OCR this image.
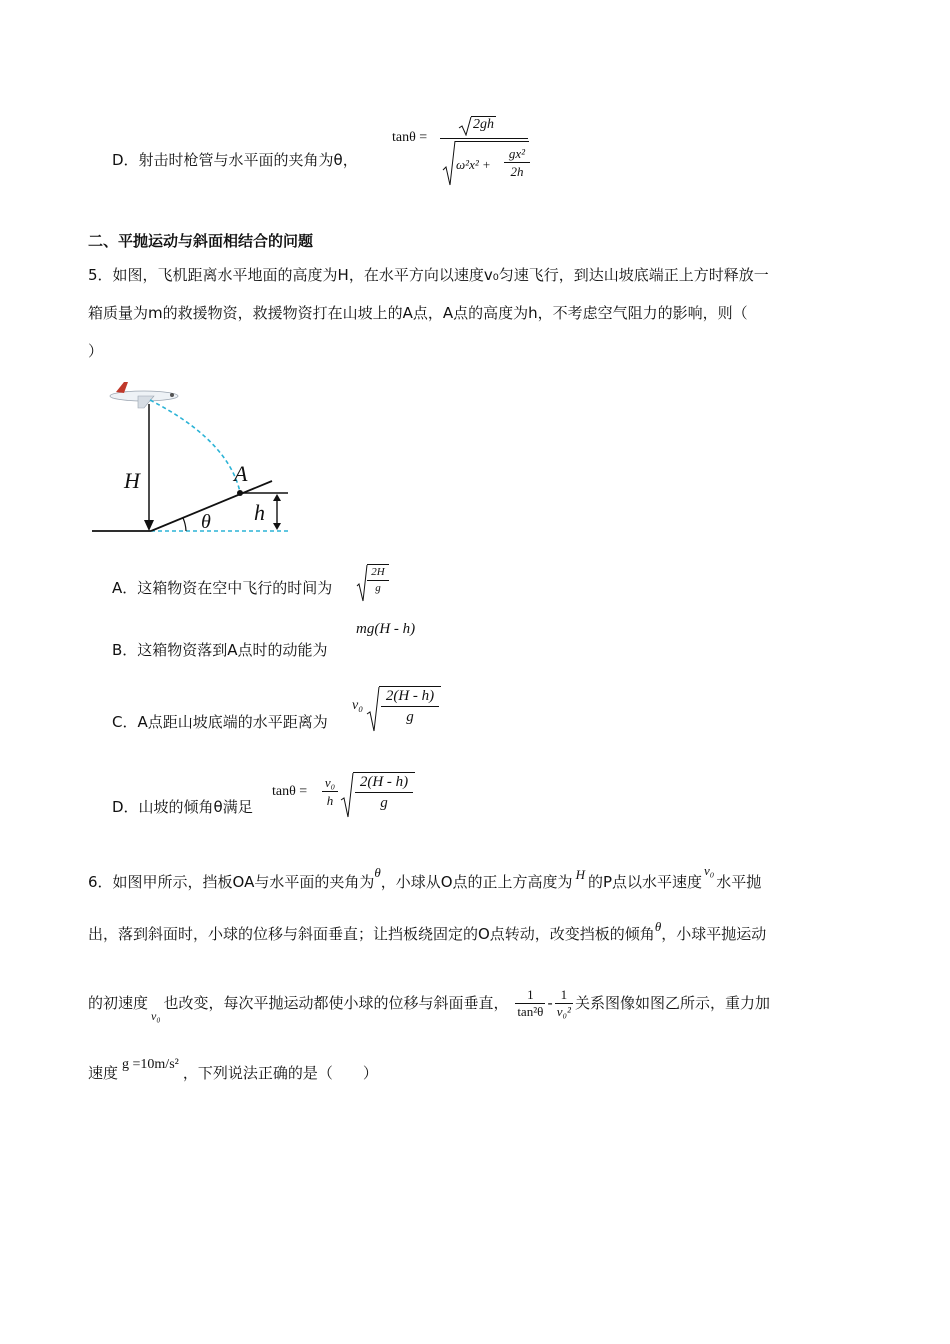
D．射击时枪管与水平面的夹角为θ，
tanθ =
2gh
ω²x² +
gx²
2h
二、平抛运动与斜面相结合的问题
5．如图，飞机距离水平地面的高度为H，在水平方向以速度v₀匀速飞行，到达山坡底端正上方时释放一
箱质量为m的救援物资，救援物资打在山坡上的A点，A点的高度为h，不考虑空气阻力的影响，则（
）
H	A
h
θ
A．这箱物资在空中飞行的时间为
2H
g
B．这箱物资落到A点时的动能为
mg(H - h)
C．A点距山坡底端的水平距离为
v₀
2(H - h)
g
D．山坡的倾角θ满足
tanθ =
v₀
h
2(H - h)
g
6．如图甲所示，挡板OA与水平面的夹角为θ，小球从O点的正上方高度为 H 的P点以水平速度v₀水平抛
出，落到斜面时，小球的位移与斜面垂直；让挡板绕固定的O点转动，改变挡板的倾角θ，小球平抛运动
的初速度$_{v_0}$也改变，每次平抛运动都使小球的位移与斜面垂直， $\frac{1}{\text{tan²θ}} - \frac{1}{\text{v₀²}}$ 关系图像如图乙所示，重力加
速度 g =10m/s² ，下列说法正确的是（　　）
